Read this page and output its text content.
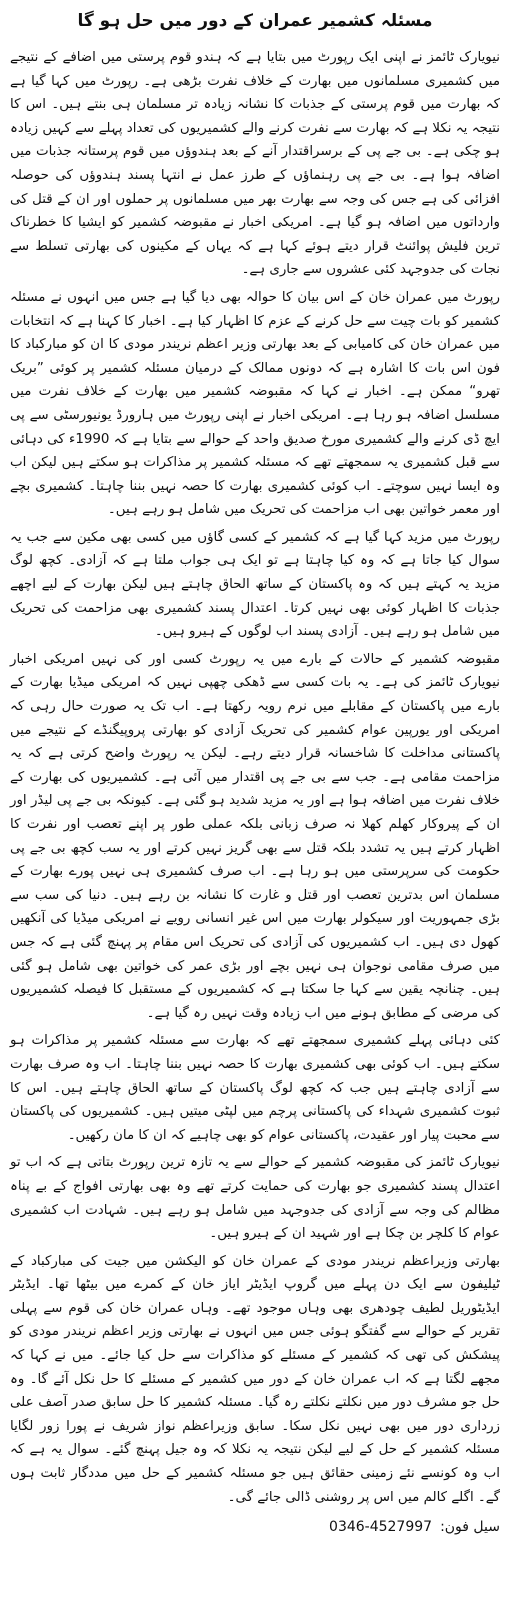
مسئلہ کشمیر عمران کے دور میں حل ہو گا

نیویارک ٹائمز نے اپنی ایک رپورٹ میں بتایا ہے کہ ہندو قوم پرستی میں اضافے کے نتیجے میں کشمیری مسلمانوں میں بھارت کے خلاف نفرت بڑھی ہے۔ رپورٹ میں کہا گیا ہے کہ بھارت میں قوم پرستی کے جذبات کا نشانہ زیادہ تر مسلمان ہی بنتے ہیں۔ اس کا نتیجہ یہ نکلا ہے کہ بھارت سے نفرت کرنے والے کشمیریوں کی تعداد پہلے سے کہیں زیادہ ہو چکی ہے۔ بی جے پی کے برسراقتدار آنے کے بعد ہندوؤں میں قوم پرستانہ جذبات میں اضافہ ہوا ہے۔ بی جے پی رہنماؤں کے طرز عمل نے انتہا پسند ہندوؤں کی حوصلہ افزائی کی ہے جس کی وجہ سے بھارت بھر میں مسلمانوں پر حملوں اور ان کے قتل کی وارداتوں میں اضافہ ہو گیا ہے۔ امریکی اخبار نے مقبوضہ کشمیر کو ایشیا کا خطرناک ترین فلیش پوائنٹ قرار دیتے ہوئے کہا ہے کہ یہاں کے مکینوں کی بھارتی تسلط سے نجات کی جدوجہد کئی عشروں سے جاری ہے۔

رپورٹ میں عمران خان کے اس بیان کا حوالہ بھی دیا گیا ہے جس میں انہوں نے مسئلہ کشمیر کو بات چیت سے حل کرنے کے عزم کا اظہار کیا ہے۔ اخبار کا کہنا ہے کہ انتخابات میں عمران خان کی کامیابی کے بعد بھارتی وزیر اعظم نریندر مودی کا ان کو مبارکباد کا فون اس بات کا اشارہ ہے کہ دونوں ممالک کے درمیان مسئلہ کشمیر پر کوئی ”بریک تھرو“ ممکن ہے۔ اخبار نے کہا کہ مقبوضہ کشمیر میں بھارت کے خلاف نفرت میں مسلسل اضافہ ہو رہا ہے۔ امریکی اخبار نے اپنی رپورٹ میں ہارورڈ یونیورسٹی سے پی ایچ ڈی کرنے والے کشمیری مورخ صدیق واحد کے حوالے سے بتایا ہے کہ 1990ء کی دہائی سے قبل کشمیری یہ سمجھتے تھے کہ مسئلہ کشمیر پر مذاکرات ہو سکتے ہیں لیکن اب وہ ایسا نہیں سوچتے۔ اب کوئی کشمیری بھارت کا حصہ نہیں بننا چاہتا۔ کشمیری بچے اور معمر خواتین بھی اب مزاحمت کی تحریک میں شامل ہو رہے ہیں۔

رپورٹ میں مزید کہا گیا ہے کہ کشمیر کے کسی گاؤں میں کسی بھی مکین سے جب یہ سوال کیا جاتا ہے کہ وہ کیا چاہتا ہے تو ایک ہی جواب ملتا ہے کہ آزادی۔ کچھ لوگ مزید یہ کہتے ہیں کہ وہ پاکستان کے ساتھ الحاق چاہتے ہیں لیکن بھارت کے لیے اچھے جذبات کا اظہار کوئی بھی نہیں کرتا۔ اعتدال پسند کشمیری بھی مزاحمت کی تحریک میں شامل ہو رہے ہیں۔ آزادی پسند اب لوگوں کے ہیرو ہیں۔

مقبوضہ کشمیر کے حالات کے بارے میں یہ رپورٹ کسی اور کی نہیں امریکی اخبار نیویارک ٹائمز کی ہے۔ یہ بات کسی سے ڈھکی چھپی نہیں کہ امریکی میڈیا بھارت کے بارے میں پاکستان کے مقابلے میں نرم رویہ رکھتا ہے۔ اب تک یہ صورت حال رہی کہ امریکی اور یورپین عوام کشمیر کی تحریک آزادی کو بھارتی پروپیگنڈے کے نتیجے میں پاکستانی مداخلت کا شاخسانہ قرار دیتے رہے۔ لیکن یہ رپورٹ واضح کرتی ہے کہ یہ مزاحمت مقامی ہے۔ جب سے بی جے پی اقتدار میں آئی ہے۔ کشمیریوں کی بھارت کے خلاف نفرت میں اضافہ ہوا ہے اور یہ مزید شدید ہو گئی ہے۔ کیونکہ بی جے پی لیڈر اور ان کے پیروکار کھلم کھلا نہ صرف زبانی بلکہ عملی طور پر اپنے تعصب اور نفرت کا اظہار کرتے ہیں یہ تشدد بلکہ قتل سے بھی گریز نہیں کرتے اور یہ سب کچھ بی جے پی حکومت کی سرپرستی میں ہو رہا ہے۔ اب صرف کشمیری ہی نہیں پورے بھارت کے مسلمان اس بدترین تعصب اور قتل و غارت کا نشانہ بن رہے ہیں۔ دنیا کی سب سے بڑی جمہوریت اور سیکولر بھارت میں اس غیر انسانی رویے نے امریکی میڈیا کی آنکھیں کھول دی ہیں۔ اب کشمیریوں کی آزادی کی تحریک اس مقام پر پہنچ گئی ہے کہ جس میں صرف مقامی نوجوان ہی نہیں بچے اور بڑی عمر کی خواتین بھی شامل ہو گئی ہیں۔ چنانچہ یقین سے کہا جا سکتا ہے کہ کشمیریوں کے مستقبل کا فیصلہ کشمیریوں کی مرضی کے مطابق ہونے میں اب زیادہ وقت نہیں رہ گیا ہے۔

کئی دہائی پہلے کشمیری سمجھتے تھے کہ بھارت سے مسئلہ کشمیر پر مذاکرات ہو سکتے ہیں۔ اب کوئی بھی کشمیری بھارت کا حصہ نہیں بننا چاہتا۔ اب وہ صرف بھارت سے آزادی چاہتے ہیں جب کہ کچھ لوگ پاکستان کے ساتھ الحاق چاہتے ہیں۔ اس کا ثبوت کشمیری شہداء کی پاکستانی پرچم میں لپٹی میتیں ہیں۔ کشمیریوں کی پاکستان سے محبت پیار اور عقیدت، پاکستانی عوام کو بھی چاہیے کہ ان کا مان رکھیں۔

نیویارک ٹائمز کی مقبوضہ کشمیر کے حوالے سے یہ تازہ ترین رپورٹ بتاتی ہے کہ اب تو اعتدال پسند کشمیری جو بھارت کی حمایت کرتے تھے وہ بھی بھارتی افواج کے بے پناہ مظالم کی وجہ سے آزادی کی جدوجہد میں شامل ہو رہے ہیں۔ شہادت اب کشمیری عوام کا کلچر بن چکا ہے اور شہید ان کے ہیرو ہیں۔

بھارتی وزیراعظم نریندر مودی کے عمران خان کو الیکشن میں جیت کی مبارکباد کے ٹیلیفون سے ایک دن پہلے میں گروپ ایڈیٹر ایاز خان کے کمرے میں بیٹھا تھا۔ ایڈیٹر ایڈیٹوریل لطیف چودھری بھی وہاں موجود تھے۔ وہاں عمران خان کی قوم سے پہلی تقریر کے حوالے سے گفتگو ہوئی جس میں انہوں نے بھارتی وزیر اعظم نریندر مودی کو پیشکش کی تھی کہ کشمیر کے مسئلے کو مذاکرات سے حل کیا جائے۔ میں نے کہا کہ مجھے لگتا ہے کہ اب عمران خان کے دور میں کشمیر کے مسئلے کا حل نکل آئے گا۔ وہ حل جو مشرف دور میں نکلتے نکلتے رہ گیا۔ مسئلہ کشمیر کا حل سابق صدر آصف علی زرداری دور میں بھی نہیں نکل سکا۔ سابق وزیراعظم نواز شریف نے پورا زور لگایا مسئلہ کشمیر کے حل کے لیے لیکن نتیجہ یہ نکلا کہ وہ جیل پہنچ گئے۔ سوال یہ ہے کہ اب وہ کونسے نئے زمینی حقائق ہیں جو مسئلہ کشمیر کے حل میں مددگار ثابت ہوں گے۔ اگلے کالم میں اس پر روشنی ڈالی جائے گی۔

سیل فون:
0346-4527997
